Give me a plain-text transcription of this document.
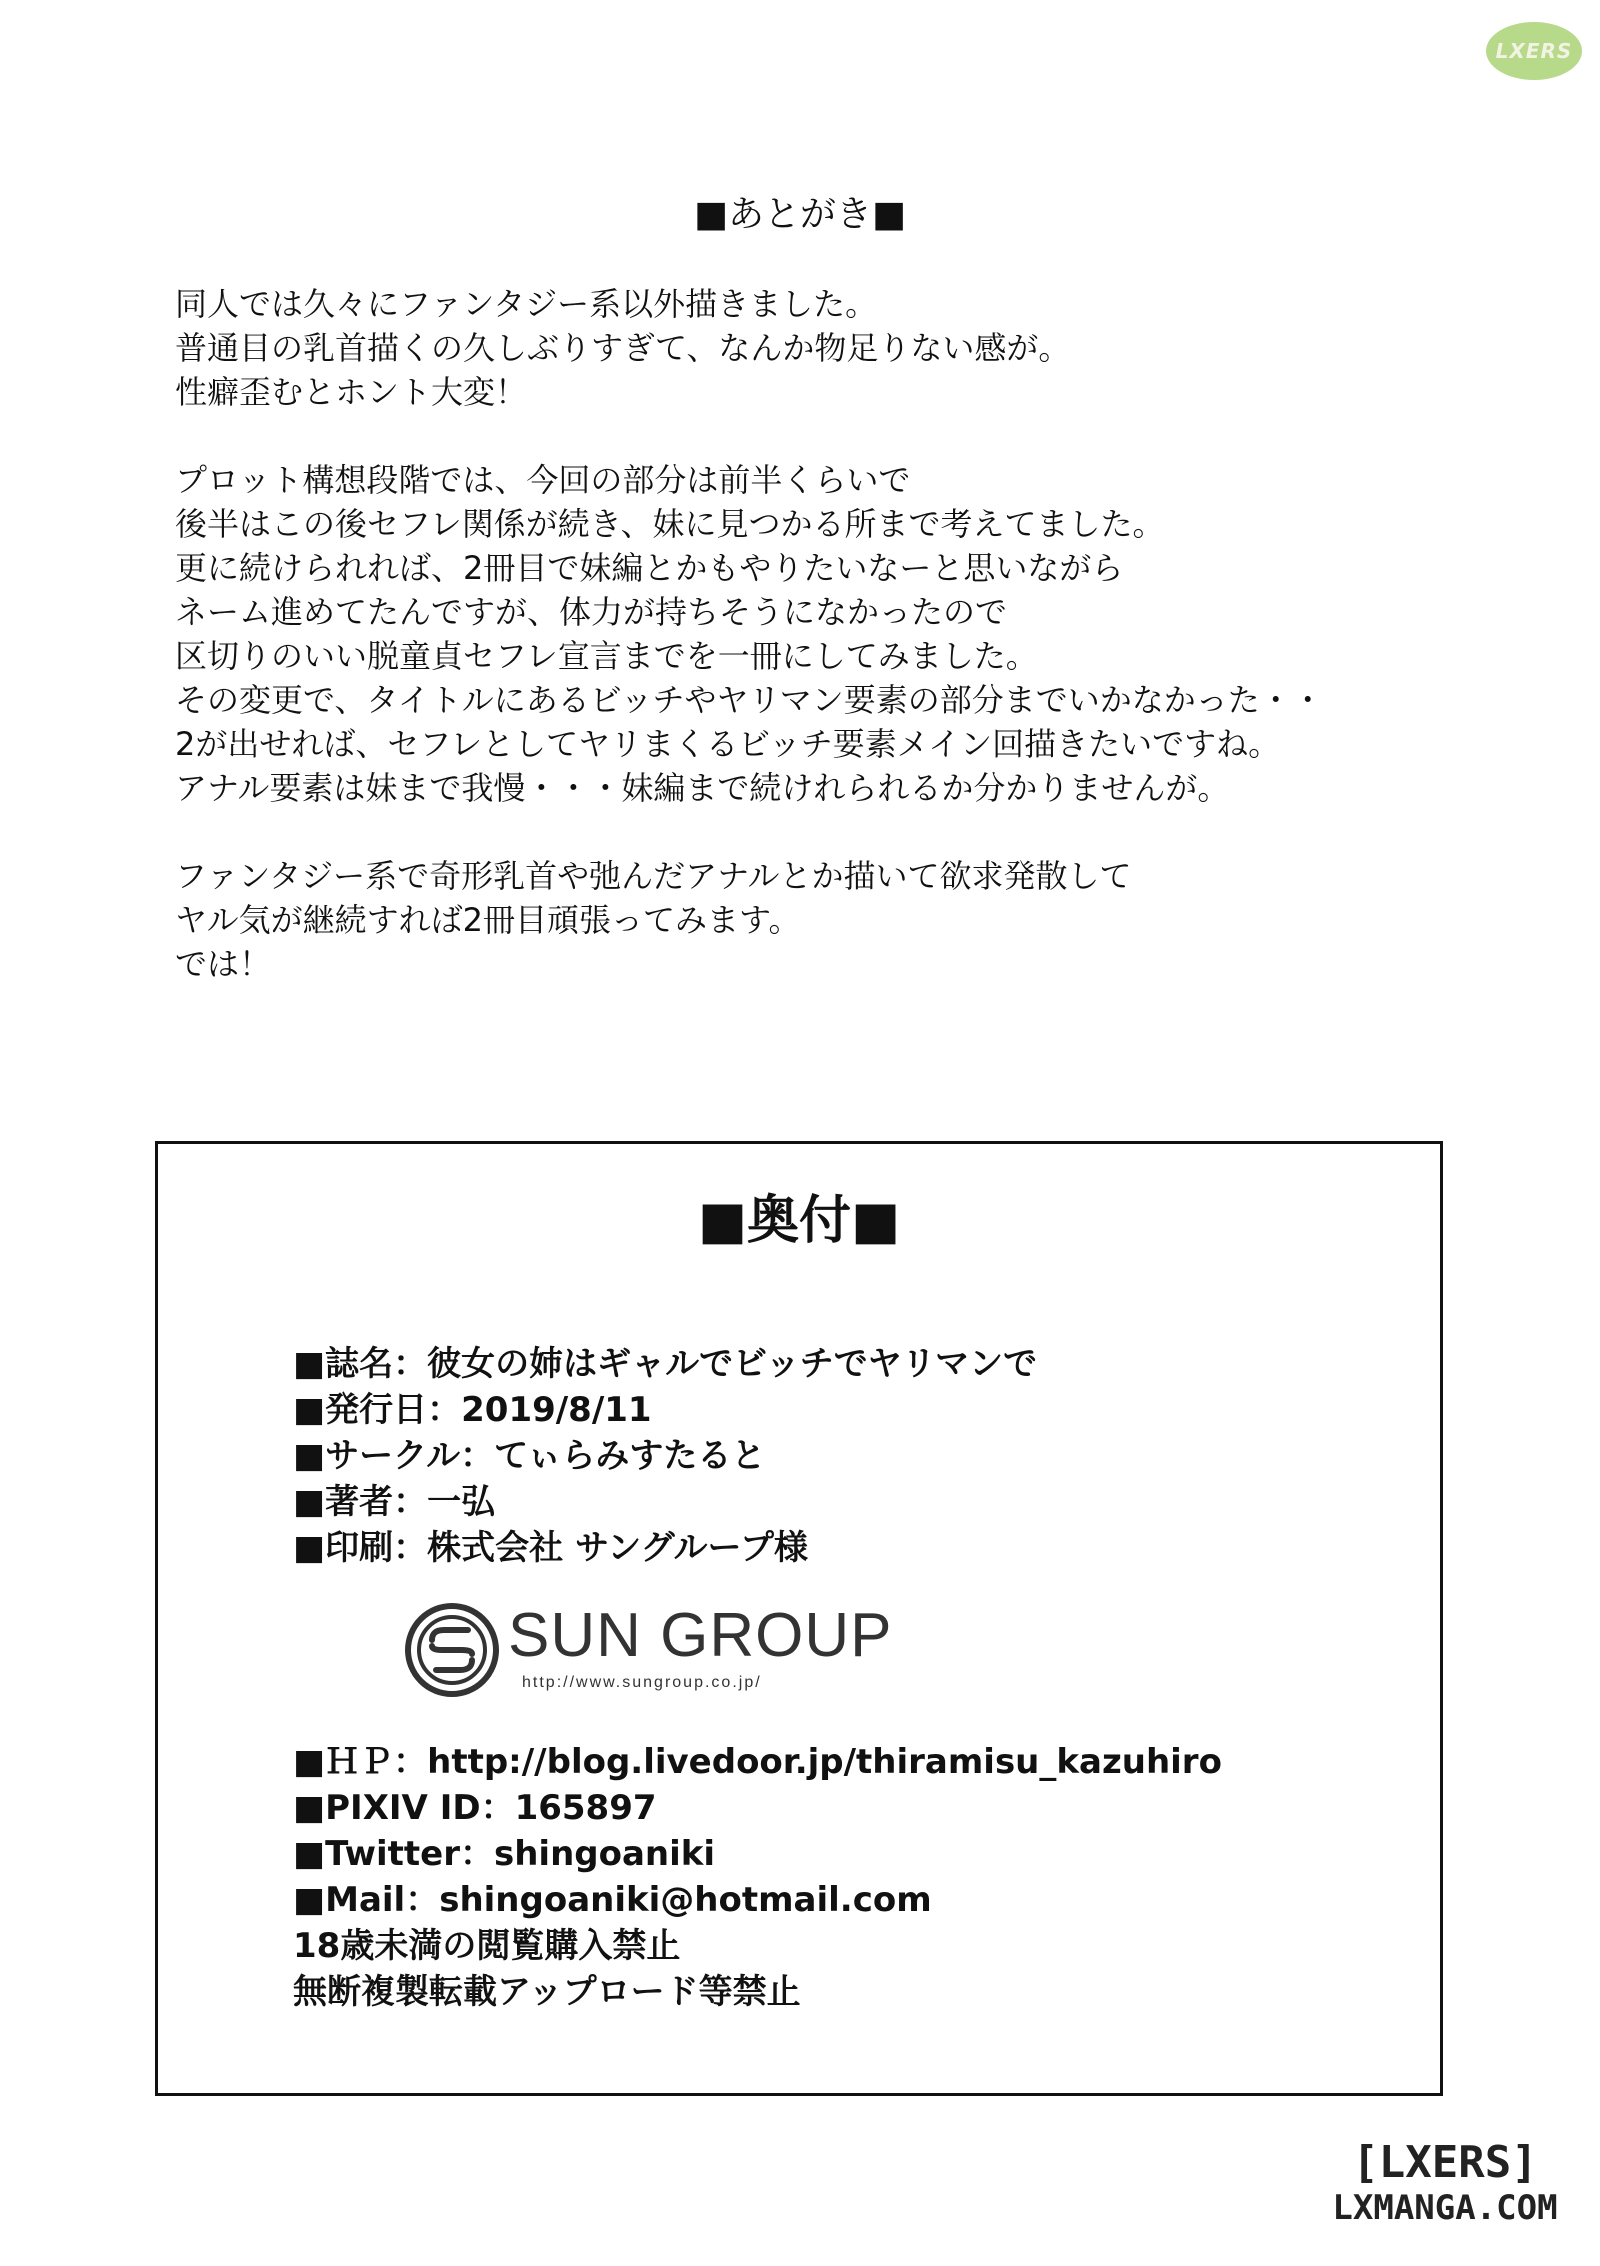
LXERS
■あとがき■
同人では久々にファンタジー系以外描きました。
普通目の乳首描くの久しぶりすぎて、なんか物足りない感が。
性癖歪むとホント大変！
プロット構想段階では、今回の部分は前半くらいで
後半はこの後セフレ関係が続き、妹に見つかる所まで考えてました。
更に続けられれば、2冊目で妹編とかもやりたいなーと思いながら
ネーム進めてたんですが、体力が持ちそうになかったので
区切りのいい脱童貞セフレ宣言までを一冊にしてみました。
その変更で、タイトルにあるビッチやヤリマン要素の部分までいかなかった・・
2が出せれば、セフレとしてヤリまくるビッチ要素メイン回描きたいですね。
アナル要素は妹まで我慢・・・妹編まで続けれられるか分かりませんが。
ファンタジー系で奇形乳首や弛んだアナルとか描いて欲求発散して
ヤル気が継続すれば2冊目頑張ってみます。
では！
■奥付■
■誌名：彼女の姉はギャルでビッチでヤリマンで
■発行日：2019/8/11
■サークル：てぃらみすたると
■著者：一弘
■印刷：株式会社 サングループ様
SUN GROUP
http://www.sungroup.co.jp/
■ＨＰ：http://blog.livedoor.jp/thiramisu_kazuhiro
■PIXIV ID：165897
■Twitter：shingoaniki
■Mail：shingoaniki@hotmail.com
18歳未満の閲覧購入禁止
無断複製転載アップロード等禁止
[LXERS]
LXMANGA.COM
